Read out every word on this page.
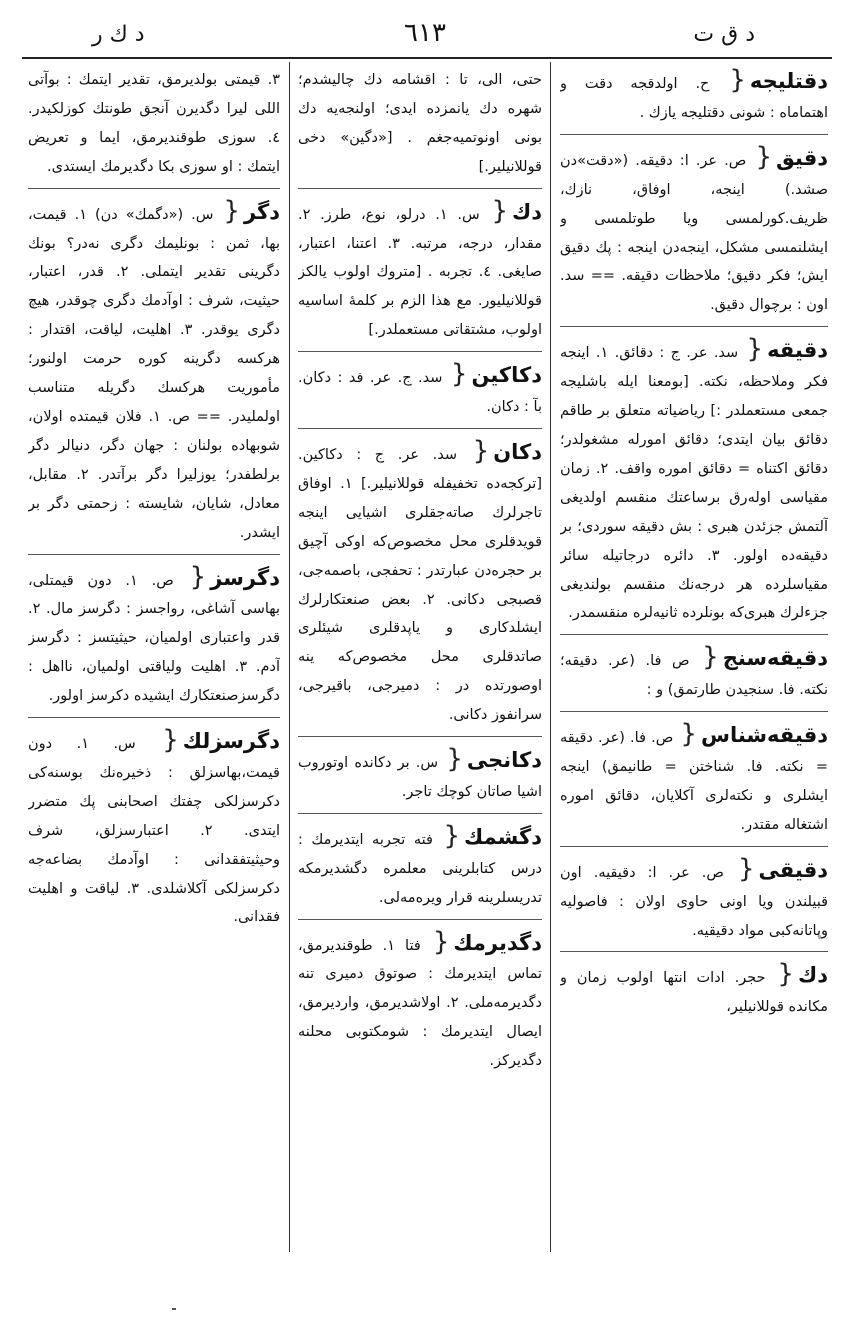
د ك ر	٦١٣	د ق ت
دقتلیجه{ ح. اولدقجه دقت و اهتماماه : شونی دقتلیجه یازك .
دقیق{ ص. عر. ا: دقیقه. («دقت»دن صشد.) اینجه، اوفاق، نازك، ظریف.كورلمسی ویا طوتلمسی و ایشلنمسی مشكل، اینجه‌دن اینجه : پك دقیق ایش؛ فكر دقیق؛ ملاحظات دقیقه. == سد. اون : برچوال دقیق.
دقیقه{ سد. عر. ج : دقائق. ١. اینجه فكر وملاحظه، نكته. [بومعنا ایله باشلیجه جمعی مستعملدر :] ریاضیاته متعلق بر طاقم دقائق بیان ایتدی؛ دقائق امورله مشغولدر؛ دقائق اكتناه = دقائق اموره واقف. ٢. زمان مقیاسی اولەرق برساعتك منقسم اولدیغی آلتمش جزئدن هبری : بش دقیقه سوردی؛ بر دقیقه‌ده اولور. ٣. دائره درجاتیله سائر مقیاسلرده هر درجه‌نك منقسم بولندیغی جزءلرك هبری‌كه بونلرده ثانیه‌لره منقسمدر.
دقیقه‌سنج{ ص فا. (عر. دقیقه؛ نكته. فا. سنجیدن طارتمق) و :
دقیقه‌شناس{ ص. فا. (عر. دقیقه = نكته. فا. شناختن = طانیمق) اینجه ایشلری و نكته‌لری آكلایان، دقائق اموره اشتغاله مقتدر.
دقیقی{ ص. عر. ا: دقیقیه. اون قبیلندن ویا اونی حاوی اولان : فاصولیه وپاتانه‌كبی مواد دقیقیه.
دك{ حجر. ادات انتها اولوب زمان و مكانده قوللانیلیر،
حتی، الی، تا : اقشامه دك چالیشدم؛ شهره دك یانمزده ایدی؛ اولنجه‌یه دك بونی اونوتمیه‌جغم . [«دگین» دخی قوللانیلیر.]
دك{ س. ١. درلو، نوع، طرز. ٢. مقدار، درجه، مرتبه. ٣. اعتنا، اعتبار، صایغی. ٤. تجربه . [متروك اولوب یالكز قوللانیلیور. مع هذا الزم بر كلمهٔ اساسیه اولوب، مشتقاتی مستعملدر.]
دكاكین{ سد. ج. عر. فد : دكان. بآ : دكان.
دكان{ سد. عر. ج : دكاكین. [تركجه‌ده تخفیفله قوللانیلیر.] ١. اوفاق تاجرلرك صاتەجقلری اشیایی اینجه قویدقلری محل مخصوص‌كه اوكی آچیق بر حجره‌دن عبارتدر : تحفجی، باصمه‌جی، قصبجی دكانی. ٢. بعض صنعتكارلرك ایشلدكاری و یاپدقلری شیئلری صاتدقلری محل مخصوص‌كه ینه اوصورتده در : دمیرجی، باقیرجی، سرانفوز دكانی.
دكانجی{ س. بر دكانده اوتوروب اشیا صاتان كوچك تاجر.
دگشمك{ فتە تجربه ایتدیرمك : درس كتابلرینی معلمره دگشدیرمكه تدریسلرینه قرار ویرەمەلی.
دگدیرمك{ فتا ١. طوقندیرمق، تماس ایتدیرمك : صوتوق دمیری تنه دگدیرمه‌ملی. ٢. اولاشدیرمق، واردیرمق، ایصال ایتدیرمك : شومكتوبی محلنه دگدیركز.
٣. قیمتی بولدیرمق، تقدیر ایتمك : بوآتی اللی لیرا دگدیرن آنجق طونتك كوزلكیدر. ٤. سوزی طوقندیرمق، ایما و تعریض ایتمك : او سوزی بكا دگدیرمك ایستدی.
دگر{ س. («دگمك» دن) ١. قیمت، بها، ثمن : بونلیمك دگری نه‌در؟ بونك دگرینی تقدیر ایتملی. ٢. قدر، اعتبار، حیثیت، شرف : اوآدمك دگری چوقدر، هیچ دگری یوقدر. ٣. اهلیت، لیاقت، اقتدار : هركسه دگرینه كوره حرمت اولنور؛ مأموریت هركسك دگریله متناسب اولملیدر. == ص. ١. فلان قیمتده اولان، شوبهاده بولنان : جهان دگر، دنیالر دگر برلطفدر؛ یوزلیرا دگر برآتدر. ٢. مقابل، معادل، شایان، شایسته : زحمتی دگر بر ایشدر.
دگرسز{ ص. ١. دون قیمتلی، بهاسی آشاغی، رواجسز : دگرسز مال. ٢. قدر واعتباری اولمیان، حیثیتسز : دگرسز آدم. ٣. اهلیت ولیاقتی اولمیان، نااهل : دگرسزصنعتكارك ایشیده دكرسز اولور.
دگرسزلك{ س. ١. دون قیمت،بهاسزلق : ذخیره‌نك بوسنه‌كی دكرسزلكی چفتك اصحابنی پك متضرر ایتدی. ٢. اعتبارسزلق، شرف وحیثیتفقدانی : اوآدمك بضاعه‌جه دكرسزلكی آكلاشلدی. ٣. لیاقت و اهلیت فقدانی.
